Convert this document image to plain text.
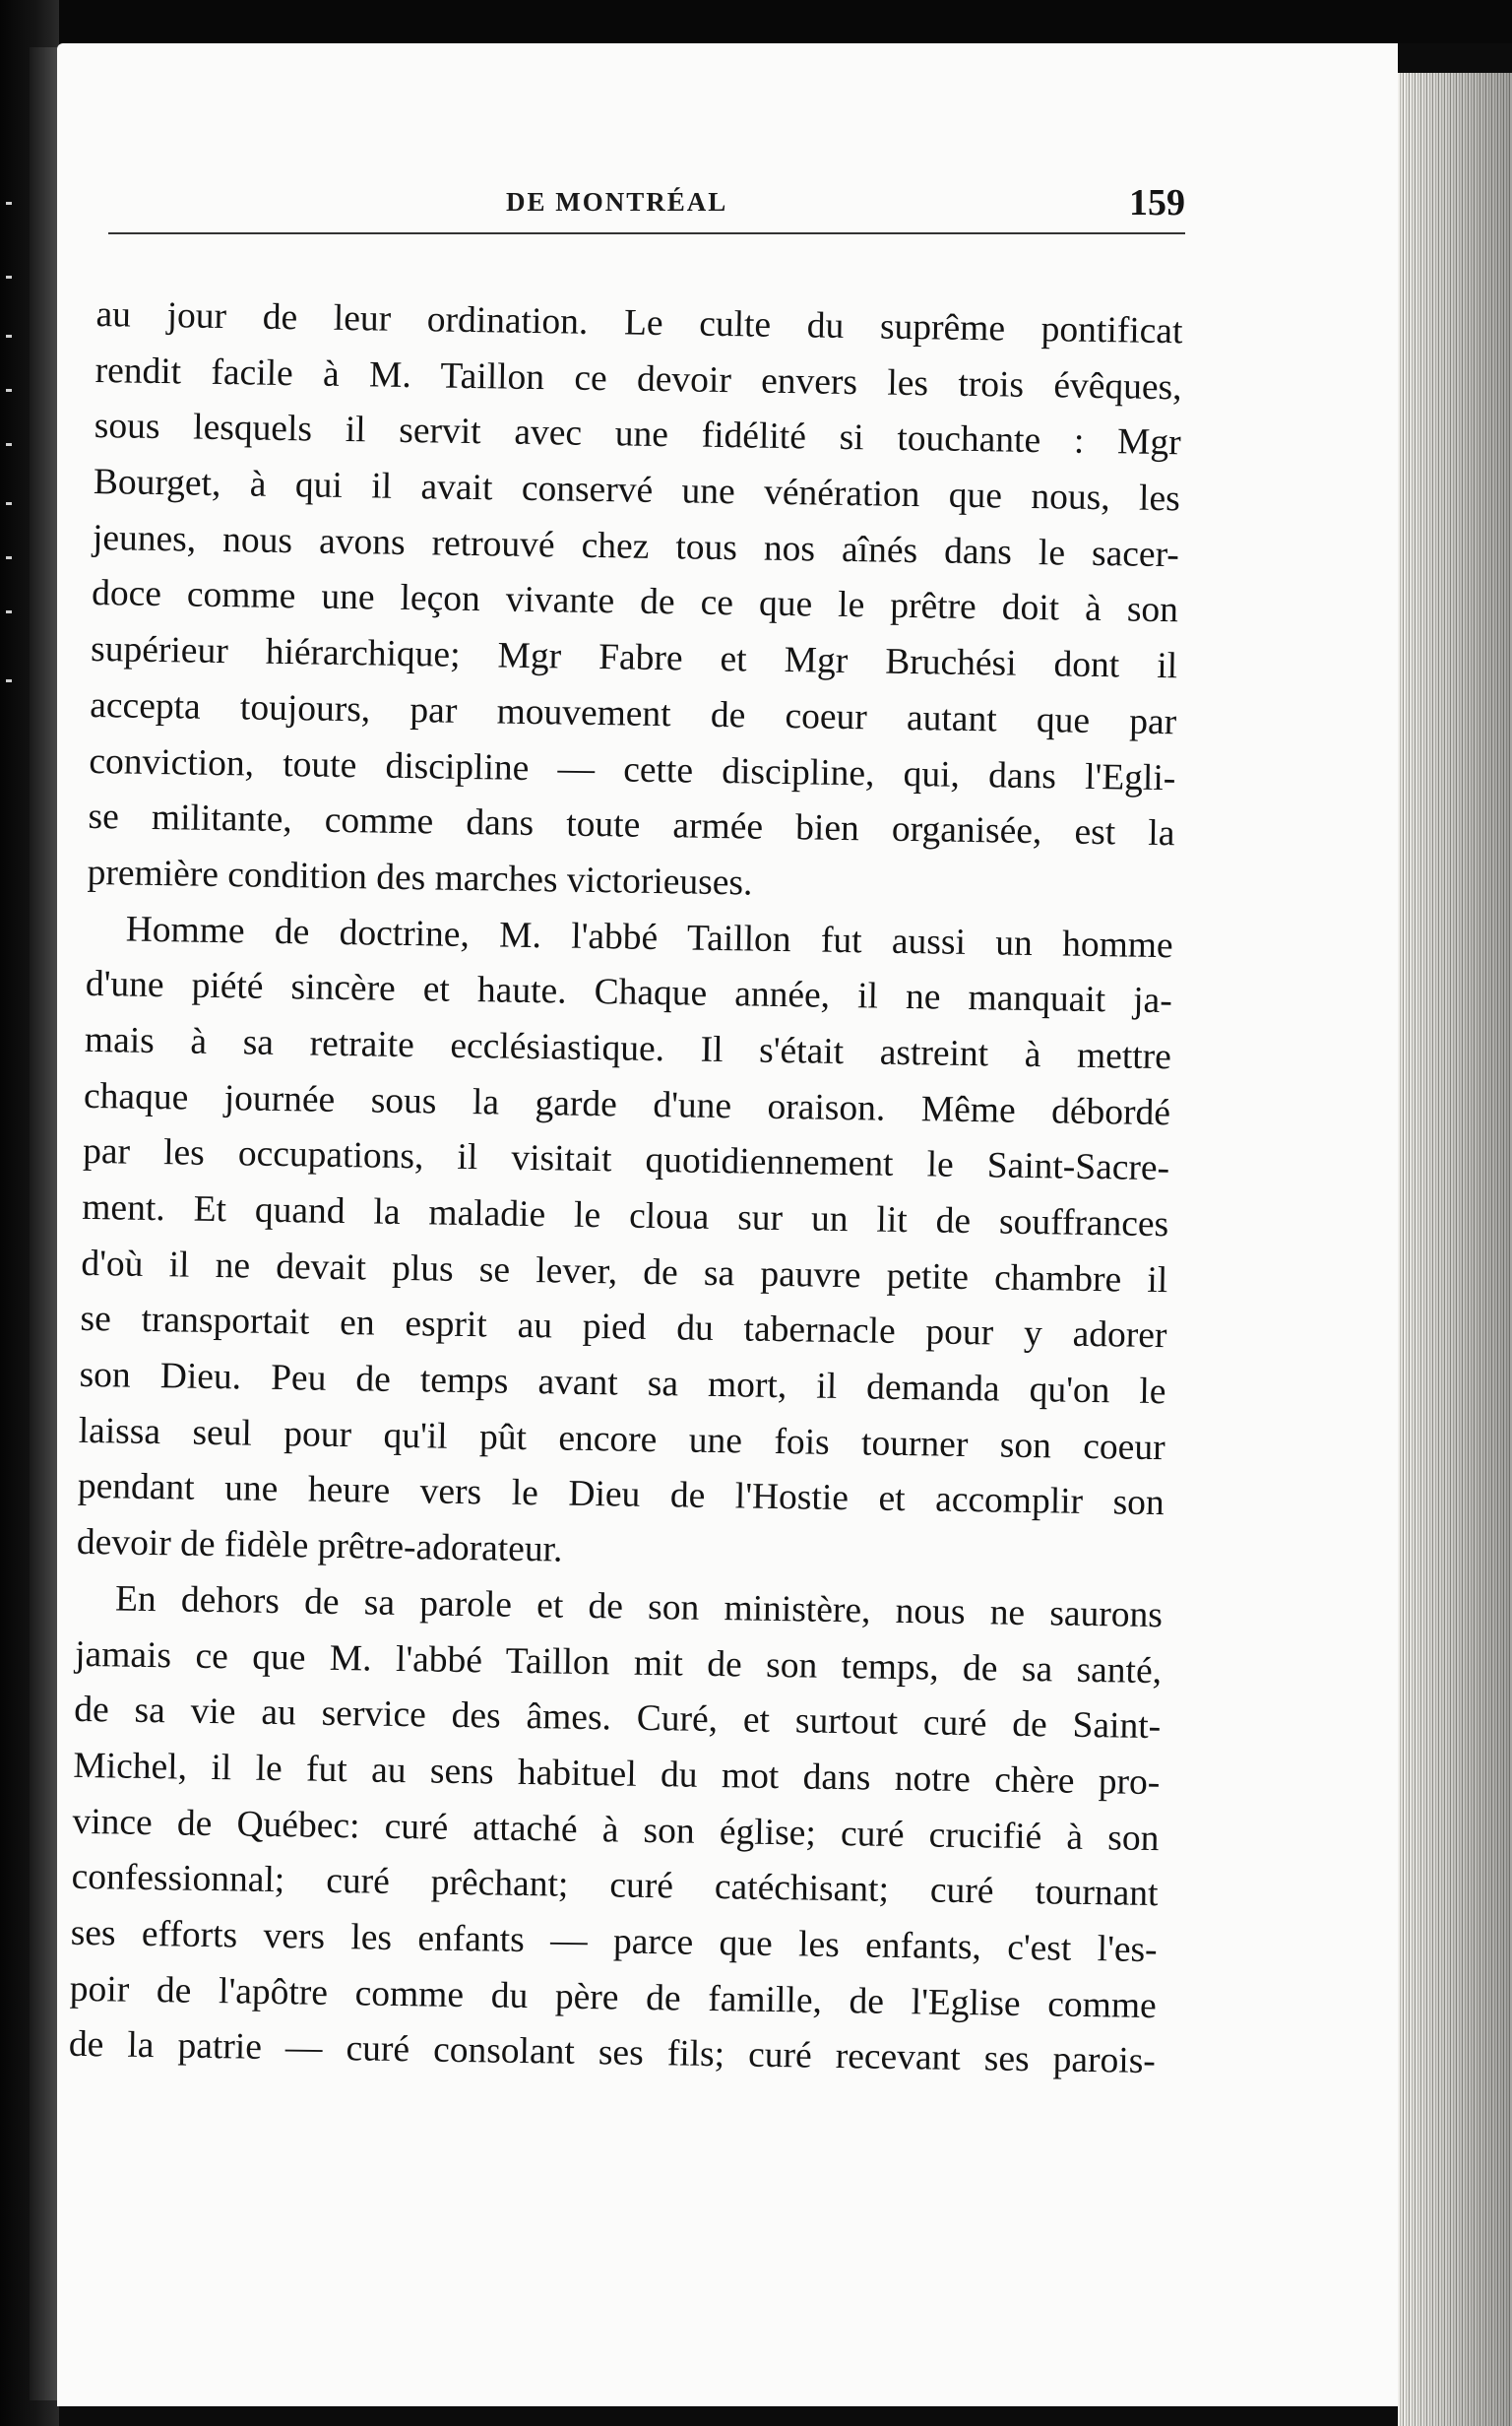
DE MONTRÉAL	159
au jour de leur ordination. Le culte du suprême pontificat
rendit facile à M. Taillon ce devoir envers les trois évêques,
sous lesquels il servit avec une fidélité si touchante : Mgr
Bourget, à qui il avait conservé une vénération que nous, les
jeunes, nous avons retrouvé chez tous nos aînés dans le sacer-
doce comme une leçon vivante de ce que le prêtre doit à son
supérieur hiérarchique; Mgr Fabre et Mgr Bruchési dont il
accepta toujours, par mouvement de coeur autant que par
conviction, toute discipline — cette discipline, qui, dans l'Egli-
se militante, comme dans toute armée bien organisée, est la
première condition des marches victorieuses.
Homme de doctrine, M. l'abbé Taillon fut aussi un homme
d'une piété sincère et haute. Chaque année, il ne manquait ja-
mais à sa retraite ecclésiastique. Il s'était astreint à mettre
chaque journée sous la garde d'une oraison. Même débordé
par les occupations, il visitait quotidiennement le Saint-Sacre-
ment. Et quand la maladie le cloua sur un lit de souffrances
d'où il ne devait plus se lever, de sa pauvre petite chambre il
se transportait en esprit au pied du tabernacle pour y adorer
son Dieu. Peu de temps avant sa mort, il demanda qu'on le
laissa seul pour qu'il pût encore une fois tourner son coeur
pendant une heure vers le Dieu de l'Hostie et accomplir son
devoir de fidèle prêtre-adorateur.
En dehors de sa parole et de son ministère, nous ne saurons
jamais ce que M. l'abbé Taillon mit de son temps, de sa santé,
de sa vie au service des âmes. Curé, et surtout curé de Saint-
Michel, il le fut au sens habituel du mot dans notre chère pro-
vince de Québec: curé attaché à son église; curé crucifié à son
confessionnal; curé prêchant; curé catéchisant; curé tournant
ses efforts vers les enfants — parce que les enfants, c'est l'es-
poir de l'apôtre comme du père de famille, de l'Eglise comme
de la patrie — curé consolant ses fils; curé recevant ses parois-
